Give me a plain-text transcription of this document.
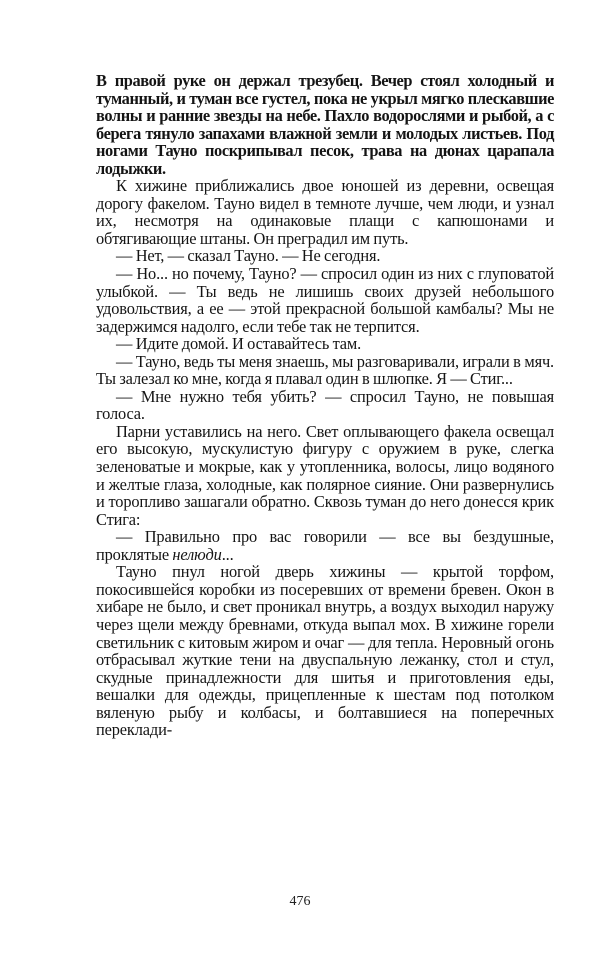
В правой руке он держал трезубец. Вечер стоял холодный и туманный, и туман все густел, пока не укрыл мягко плескавшие волны и ранние звезды на небе. Пахло водорослями и рыбой, а с берега тянуло запахами влажной земли и молодых листьев. Под ногами Тауно поскрипывал песок, трава на дюнах царапала лодыжки.

К хижине приближались двое юношей из деревни, освещая дорогу факелом. Тауно видел в темноте лучше, чем люди, и узнал их, несмотря на одинаковые плащи с капюшонами и обтягивающие штаны. Он преградил им путь.

— Нет, — сказал Тауно. — Не сегодня.

— Но... но почему, Тауно? — спросил один из них с глуповатой улыбкой. — Ты ведь не лишишь своих друзей небольшого удовольствия, а ее — этой прекрасной большой камбалы? Мы не задержимся надолго, если тебе так не терпится.

— Идите домой. И оставайтесь там.

— Тауно, ведь ты меня знаешь, мы разговаривали, играли в мяч. Ты залезал ко мне, когда я плавал один в шлюпке. Я — Стиг...

— Мне нужно тебя убить? — спросил Тауно, не повышая голоса.

Парни уставились на него. Свет оплывающего факела освещал его высокую, мускулистую фигуру с оружием в руке, слегка зеленоватые и мокрые, как у утопленника, волосы, лицо водяного и желтые глаза, холодные, как полярное сияние. Они развернулись и торопливо зашагали обратно. Сквозь туман до него донесся крик Стига:

— Правильно про вас говорили — все вы бездушные, проклятые нелюди...

Тауно пнул ногой дверь хижины — крытой торфом, покосившейся коробки из посеревших от времени бревен. Окон в хибаре не было, и свет проникал внутрь, а воздух выходил наружу через щели между бревнами, откуда выпал мох. В хижине горели светильник с китовым жиром и очаг — для тепла. Неровный огонь отбрасывал жуткие тени на двуспальную лежанку, стол и стул, скудные принадлежности для шитья и приготовления еды, вешалки для одежды, прицепленные к шестам под потолком вяленую рыбу и колбасы, и болтавшиеся на поперечных переклади-

476
